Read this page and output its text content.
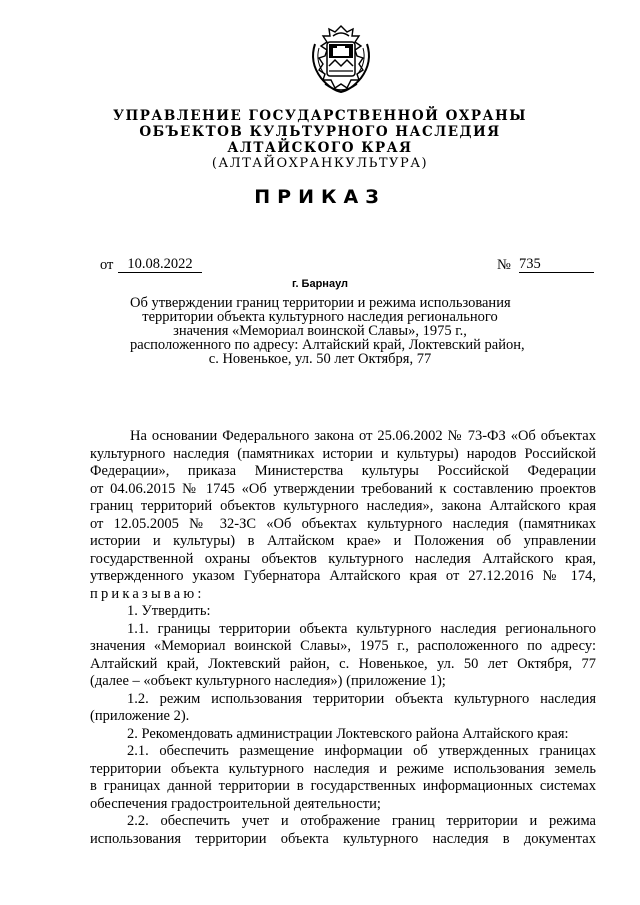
УПРАВЛЕНИЕ ГОСУДАРСТВЕННОЙ ОХРАНЫ
ОБЪЕКТОВ КУЛЬТУРНОГО НАСЛЕДИЯ
АЛТАЙСКОГО КРАЯ
(АЛТАЙОХРАНКУЛЬТУРА)
ПРИКАЗ
от 10.08.2022	№ 735
г. Барнаул
Об утверждении границ территории и режима использования
территории объекта культурного наследия регионального
значения «Мемориал воинской Славы», 1975 г.,
расположенного по адресу: Алтайский край, Локтевский район,
с. Новенькое, ул. 50 лет Октября, 77
На основании Федерального закона от 25.06.2002 № 73-ФЗ «Об объектах
культурного наследия (памятниках истории и культуры) народов Российской
Федерации», приказа Министерства культуры Российской Федерации
от 04.06.2015 № 1745 «Об утверждении требований к составлению проектов
границ территорий объектов культурного наследия», закона Алтайского края
от 12.05.2005 № 32-ЗС «Об объектах культурного наследия (памятниках
истории и культуры) в Алтайском крае» и Положения об управлении
государственной охраны объектов культурного наследия Алтайского края,
утвержденного указом Губернатора Алтайского края от 27.12.2016 № 174,
приказываю:
1. Утвердить:
1.1. границы территории объекта культурного наследия регионального
значения «Мемориал воинской Славы», 1975 г., расположенного по адресу:
Алтайский край, Локтевский район, с. Новенькое, ул. 50 лет Октября, 77
(далее – «объект культурного наследия») (приложение 1);
1.2. режим использования территории объекта культурного наследия
(приложение 2).
2. Рекомендовать администрации Локтевского района Алтайского края:
2.1. обеспечить размещение информации об утвержденных границах
территории объекта культурного наследия и режиме использования земель
в границах данной территории в государственных информационных системах
обеспечения градостроительной деятельности;
2.2. обеспечить учет и отображение границ территории и режима
использования территории объекта культурного наследия в документах
